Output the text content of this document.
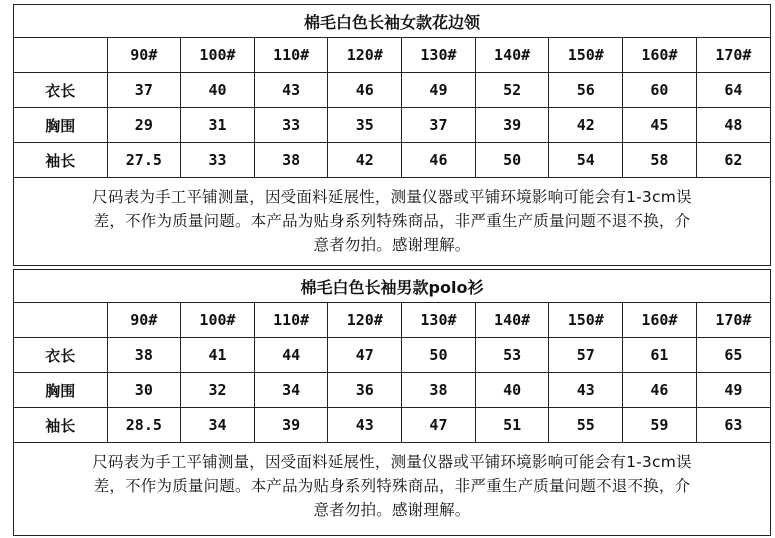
棉毛白色长袖女款花边领
	90#	100#	110#	120#	130#	140#	150#	160#	170#
衣长	37	40	43	46	49	52	56	60	64
胸围	29	31	33	35	37	39	42	45	48
袖长	27.5	33	38	42	46	50	54	58	62
尺码表为手工平铺测量，因受面料延展性，测量仪器或平铺环境影响可能会有1-3cm误
差，不作为质量问题。本产品为贴身系列特殊商品，非严重生产质量问题不退不换，介
意者勿拍。感谢理解。
棉毛白色长袖男款polo衫
	90#	100#	110#	120#	130#	140#	150#	160#	170#
衣长	38	41	44	47	50	53	57	61	65
胸围	30	32	34	36	38	40	43	46	49
袖长	28.5	34	39	43	47	51	55	59	63
尺码表为手工平铺测量，因受面料延展性，测量仪器或平铺环境影响可能会有1-3cm误
差，不作为质量问题。本产品为贴身系列特殊商品，非严重生产质量问题不退不换，介
意者勿拍。感谢理解。
